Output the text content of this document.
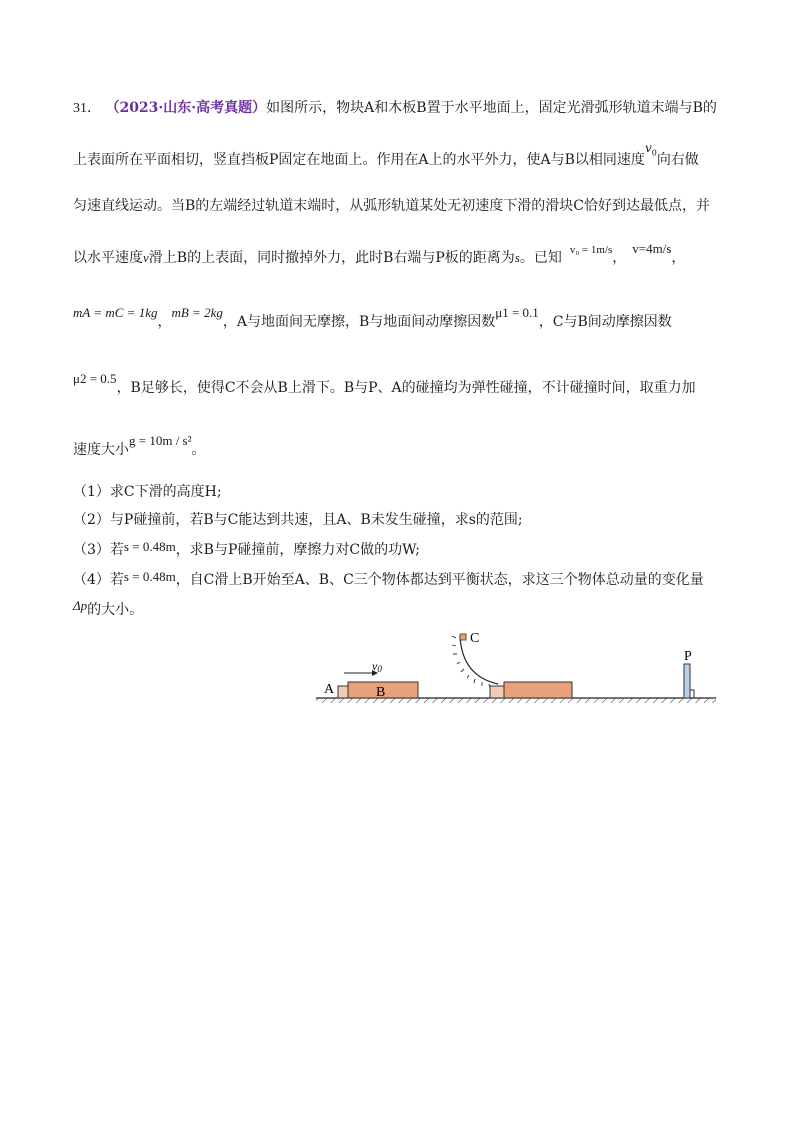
31． （2023·山东·高考真题）如图所示，物块A和木板B置于水平地面上，固定光滑弧形轨道末端与B的
上表面所在平面相切，竖直挡板P固定在地面上。作用在A上的水平外力，使A与B以相同速度$v_0$向右做
匀速直线运动。当B的左端经过轨道末端时，从弧形轨道某处无初速度下滑的滑块C恰好到达最低点，并
以水平速度v滑上B的上表面，同时撤掉外力，此时B右端与P板的距离为s。已知 $^{v_0 = 1m/s}$，v=4m/s，
mA = mC = 1kg，mB = 2kg，A与地面间无摩擦，B与地面间动摩擦因数μ1 = 0.1，C与B间动摩擦因数
μ2 = 0.5，B足够长，使得C不会从B上滑下。B与P、A的碰撞均为弹性碰撞，不计碰撞时间，取重力加
速度大小g = 10m / s²。
（1）求C下滑的高度H;
（2）与P碰撞前，若B与C能达到共速，且A、B未发生碰撞，求s的范围;
（3）若s = 0.48m，求B与P碰撞前，摩擦力对C做的功W;
（4）若s = 0.48m，自C滑上B开始至A、B、C三个物体都达到平衡状态，求这三个物体总动量的变化量
Δp的大小。
A	B
v0
C
P
